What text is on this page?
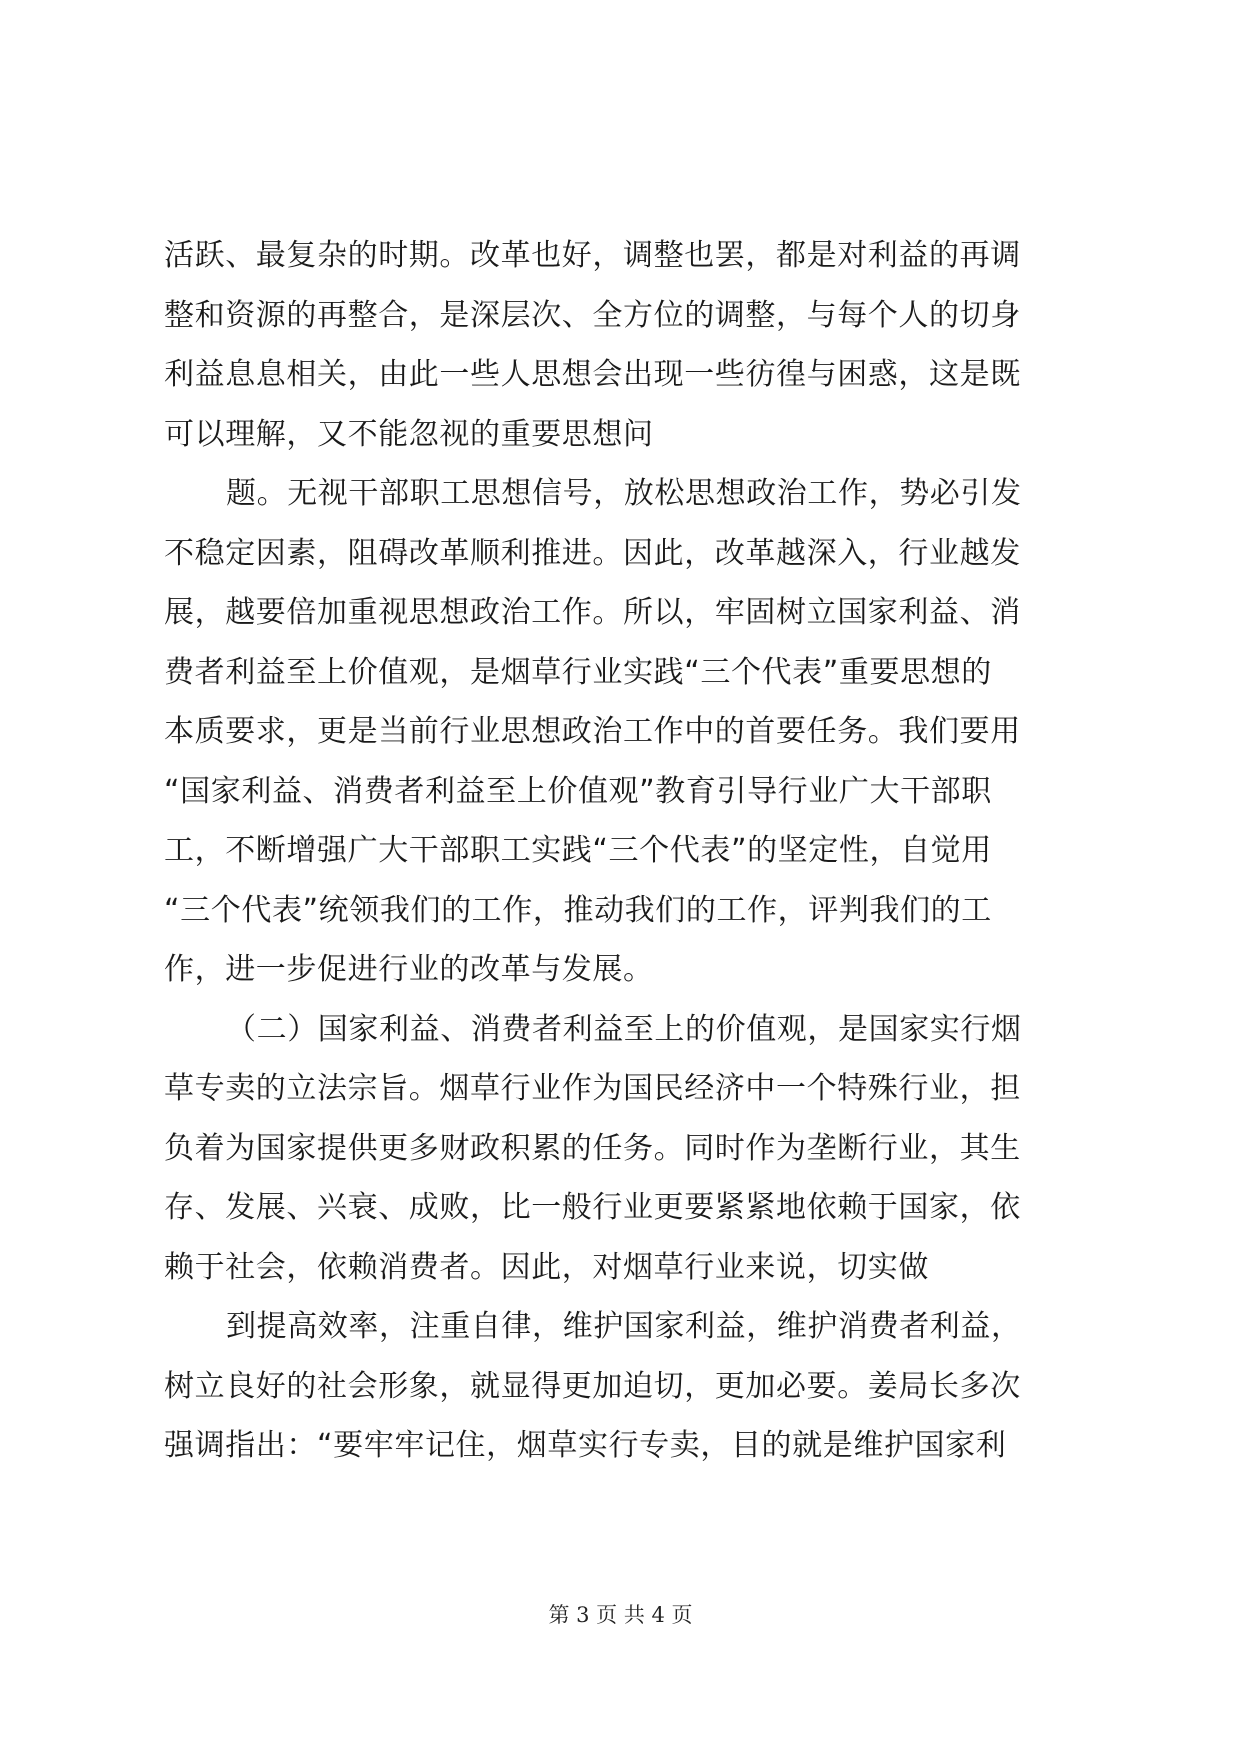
活跃、最复杂的时期。改革也好，调整也罢，都是对利益的再调
整和资源的再整合，是深层次、全方位的调整，与每个人的切身
利益息息相关，由此一些人思想会出现一些彷徨与困惑，这是既
可以理解，又不能忽视的重要思想问
题。无视干部职工思想信号，放松思想政治工作，势必引发
不稳定因素，阻碍改革顺利推进。因此，改革越深入，行业越发
展，越要倍加重视思想政治工作。所以，牢固树立国家利益、消
费者利益至上价值观，是烟草行业实践“三个代表”重要思想的
本质要求，更是当前行业思想政治工作中的首要任务。我们要用
“国家利益、消费者利益至上价值观”教育引导行业广大干部职
工，不断增强广大干部职工实践“三个代表”的坚定性，自觉用
“三个代表”统领我们的工作，推动我们的工作，评判我们的工
作，进一步促进行业的改革与发展。
（二）国家利益、消费者利益至上的价值观，是国家实行烟
草专卖的立法宗旨。烟草行业作为国民经济中一个特殊行业，担
负着为国家提供更多财政积累的任务。同时作为垄断行业，其生
存、发展、兴衰、成败，比一般行业更要紧紧地依赖于国家，依
赖于社会，依赖消费者。因此，对烟草行业来说，切实做
到提高效率，注重自律，维护国家利益，维护消费者利益，
树立良好的社会形象，就显得更加迫切，更加必要。姜局长多次
强调指出：“要牢牢记住，烟草实行专卖，目的就是维护国家利
第 3 页 共 4 页
